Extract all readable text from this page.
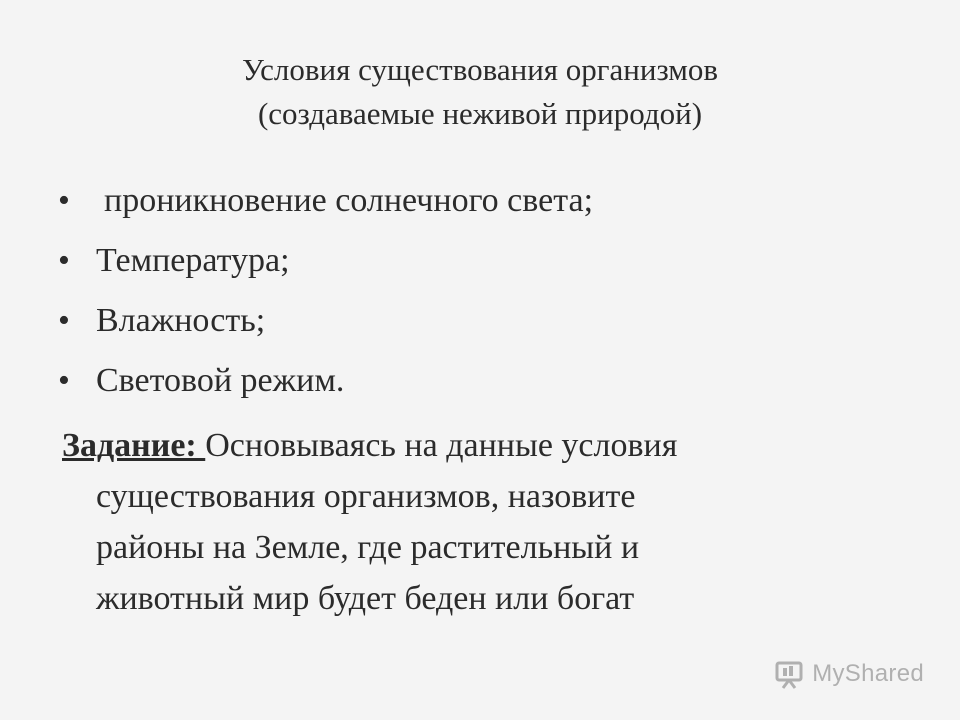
Условия существования организмов
(создаваемые неживой природой)
• проникновение солнечного света;
• Температура;
• Влажность;
• Световой режим.
Задание: Основываясь на данные условия
существования организмов, назовите
районы на Земле, где растительный и
животный мир будет беден или богат
MyShared
